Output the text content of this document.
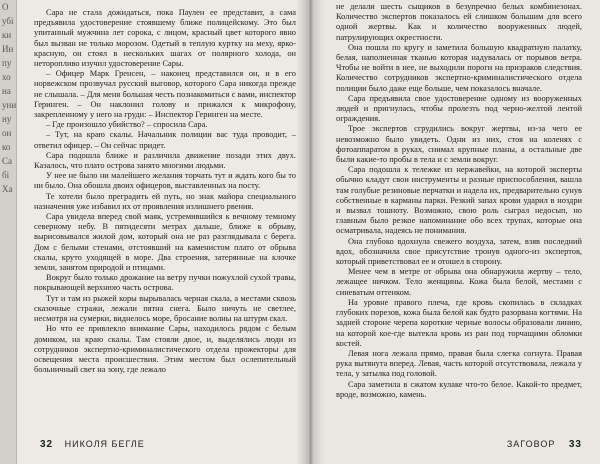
О
убі
ки
Ин
пу
хо
на
уни
ну
он
ко
Са
бі
Ха

Сара не стала дожидаться, пока Паулен ее представит, а сама предъявила удостоверение стоявшему ближе полицейскому. Это был упитанный мужчина лет сорока, с лицом, красный цвет которого явно был вызван не только морозом. Одетый в теплую куртку на меху, ярко-красную, он стоял в нескольких шагах от полярного холода, он неторопливо изучил удостоверение Сары.

– Офицер Марк Гренсен, – наконец представился он, и в его норвежском прозвучал русский выговор, которого Сара никогда прежде не слышала. – Для меня большая честь познакомиться с вами, инспектор Геринген. – Он наклонил голову и прижался к микрофону, закрепленному у него на груди: – Инспектор Геринген на месте.

– Где произошло убийство? – спросила Сара.

– Тут, на краю скалы. Начальник полиции вас туда проводит, – ответил офицер. – Он сейчас придет.

Сара подошла ближе и различила движение позади этих двух. Казалось, что плато острова занято многими людьми.

У нее не было ни малейшего желания торчать тут и ждать кого бы то ни было. Она обошла двоих офицеров, выставленных на посту.

Те хотели было преградить ей путь, но знак майора специального назначения уже избавил их от проявления излишнего рвения.

Сара увидела вперед свой маяк, устремившийся к вечному темному северному небу. В пятидесяти метрах дальше, ближе к обрыву, вырисовывался жилой дом, который она не раз разглядывала с берега. Дом с белыми стенами, отстоявший на каменистом плато от обрыва скалы, круто уходящей в море. Два строения, затерянные на клочке земли, занятом природой и птицами.

Вокруг было только дрожание на ветру пучки пожухлой сухой травы, покрывающей верхнюю часть острова.

Тут и там из рыжей коры вырывалась черная скала, а местами сквозь сказочные стражи, лежали пятна снега. Было ничуть не светлее, несмотря на сумерки, виднелось море, бросание волны на штурм скал.

Но что ее привлекло внимание Сары, находилось рядом с белым домиком, на краю скалы. Там стояли двое, и, выделялись люди из сотрудников экспертно-криминалистического отдела прожекторы для освещения места происшествия. Этим местом был ослепительный больничный свет на зону, где лежало

32 НИКОЛЯ БЕГЛЕ

не делали шесть сыщиков в безупречно белых комбинезонах. Количество экспертов показалось ей слишком большим для всего одной жертвы. Как и количество вооруженных людей, патрулирующих окрестности.

Она пошла по кругу и заметила большую квадратную палатку, белая, наполненная тканью которая надувалась от порывов ветра. Чтобы не войти в нее, не выходили пороги на призраков следствия. Количество сотрудников экспертно-криминалистического отдела полиции было даже еще больше, чем показалось вначале.

Сара предъявила свое удостоверение одному из вооруженных людей и пригнулась, чтобы пролезть под черно-желтой лентой ограждения.

Трое экспертов сгрудились вокруг жертвы, из-за чего ее невозможно было увидеть. Одни из них, стоя на коленях с фотоаппаратом в руках, снимал крупные планы, а остальные две были какие-то пробы в тела и с земли вокруг.

Сара подошла к тележке из нержавейки, на которой эксперты обычно кладут свои инструменты и разные приспособления, вашла там голубые резиновые перчатки и надела их, предварительно сунув собственные в карманы парки. Резкий запах крови ударил в ноздри и вызвал тошноту. Возможно, свою роль сыграл недосып, но главным было резкое напоминание обо всех трупах, которые она осматривала, надеясь не понимания.

Она глубоко вдохнула свежего воздуха, затем, взяв последний вдох, обозначила свое присутствие тронув одного-из экспертов, который приветствовал ее и отошел в сторону.

Менее чем в метре от обрыва она обнаружила жертву – тело, лежащее ничком. Тело женщины. Кожа была белой, местами с синеватым оттенком.

На уровне правого плеча, где кровь скопилась в складках глубоких порезов, кожа была белой как будто разорвана когтями. На задней стороне черепа короткие черные волосы образовали линию, на которой кое-где вытекла кровь из ран под торчащими обломки костей.

Левая нога лежала прямо, правая была слегка согнута. Правая рука вытянута вперед. Левая, часть которой отсутствовала, лежала у тела, у затылка под головой.

Сара заметила в сжатом кулаке что-то белое. Какой-то предмет, вроде, возможно, камень.

ЗАГОВОР 33
